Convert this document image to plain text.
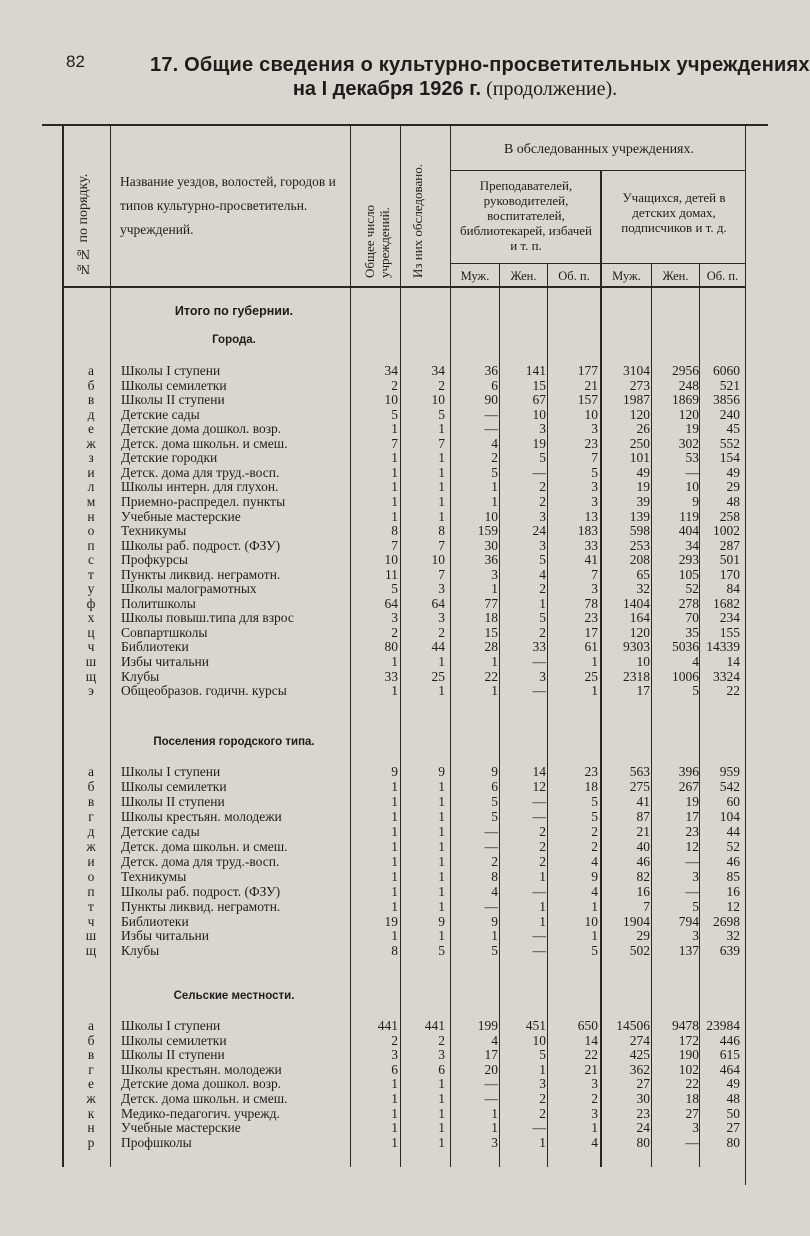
82	17. Общие сведения о культурно-просветительных учреждениях
на I декабря 1926 г. (продолжение).
№№ по порядку. Название уездов, волостей, городов и типов культурно-просветительн. учреждений.	Общее число учреждений. Из них обследовано.
В обследованных учреждениях.
Преподавателей, руководителей, воспитателей, библиотекарей, избачей и т. п.
Учащихся, детей в детских домах, подписчиков и т. д.
Муж.	Жен.	Об. п.	Муж.	Жен.	Об. п.
Итого по губернии.
Города.
Поселения городского типа.
Сельские местности.
а Школы I ступени	34	34	36	141	177	3104	2956	6060
б Школы семилетки	2	2	6	15	21	273	248	521
в Школы II ступени	10	10	90	67	157	1987	1869	3856
д Детские сады	5	5	—	10	10	120	120	240
е Детские дома дошкол. возр.	1	1	—	3	3	26	19	45
ж Детск. дома школьн. и смеш.	7	7	4	19	23	250	302	552
з	Детские городки	1	1	2	5	7	101	53	154
и Детск. дома для труд.-восп.	1	1	5	—	5	49	—	49
л Школы интерн. для глухон.	1	1	1	2	3	19	10	29
м Приемно-распредел. пункты	1	1	1	2	3	39	9	48
н Учебные мастерские	1	1	10	3	13	139	119	258
о Техникумы	8	8	159	24	183	598	404	1002
п Школы раб. подрост. (ФЗУ)	7	7	30	3	33	253	34	287
с Профкурсы	10	10	36	5	41	208	293	501
т Пункты ликвид. неграмотн.	11	7	3	4	7	65	105	170
у Школы малограмотных	5	3	1	2	3	32	52	84
ф Политшколы	64	64	77	1	78	1404	278	1682
х Школы повыш.типа для взрос	3	3	18	5	23	164	70	234
ц Совпартшколы	2	2	15	2	17	120	35	155
ч Библиотеки	80	44	28	33	61	9303	5036 14339
ш Избы читальни	1	1	1	—	1	10	4	14
щ Клубы	33	25	22	3	25	2318	1006	3324
э	Общеобразов. годичн. курсы	1	1	1	—	1	17	5	22
а Школы I ступени	9	9	9	14	23	563	396	959
б Школы семилетки	1	1	6	12	18	275	267	542
в Школы II ступени	1	1	5	—	5	41	19	60
г	Школы крестьян. молодежи	1	1	5	—	5	87	17	104
д Детские сады	1	1	—	2	2	21	23	44
ж Детск. дома школьн. и смеш.	1	1	—	2	2	40	12	52
и Детск. дома для труд.-восп.	1	1	2	2	4	46	—	46
о Техникумы	1	1	8	1	9	82	3	85
п Школы раб. подрост. (ФЗУ)	1	1	4	—	4	16	—	16
т Пункты ликвид. неграмотн.	1	1	—	1	1	7	5	12
ч Библиотеки	19	9	9	1	10	1904	794	2698
ш Избы читальни	1	1	1	—	1	29	3	32
щ Клубы	8	5	5	—	5	502	137	639
а Школы I ступени	441	441	199	451	650	14506	9478 23984
б Школы семилетки	2	2	4	10	14	274	172	446
в Школы II ступени	3	3	17	5	22	425	190	615
г	Школы крестьян. молодежи	6	6	20	1	21	362	102	464
е Детские дома дошкол. возр.	1	1	—	3	3	27	22	49
ж Детск. дома школьн. и смеш.	1	1	—	2	2	30	18	48
к Медико-педагогич. учрежд.	1	1	1	2	3	23	27	50
н Учебные мастерские	1	1	1	—	1	24	3	27
р Профшколы	1	1	3	1	4	80	—	80
